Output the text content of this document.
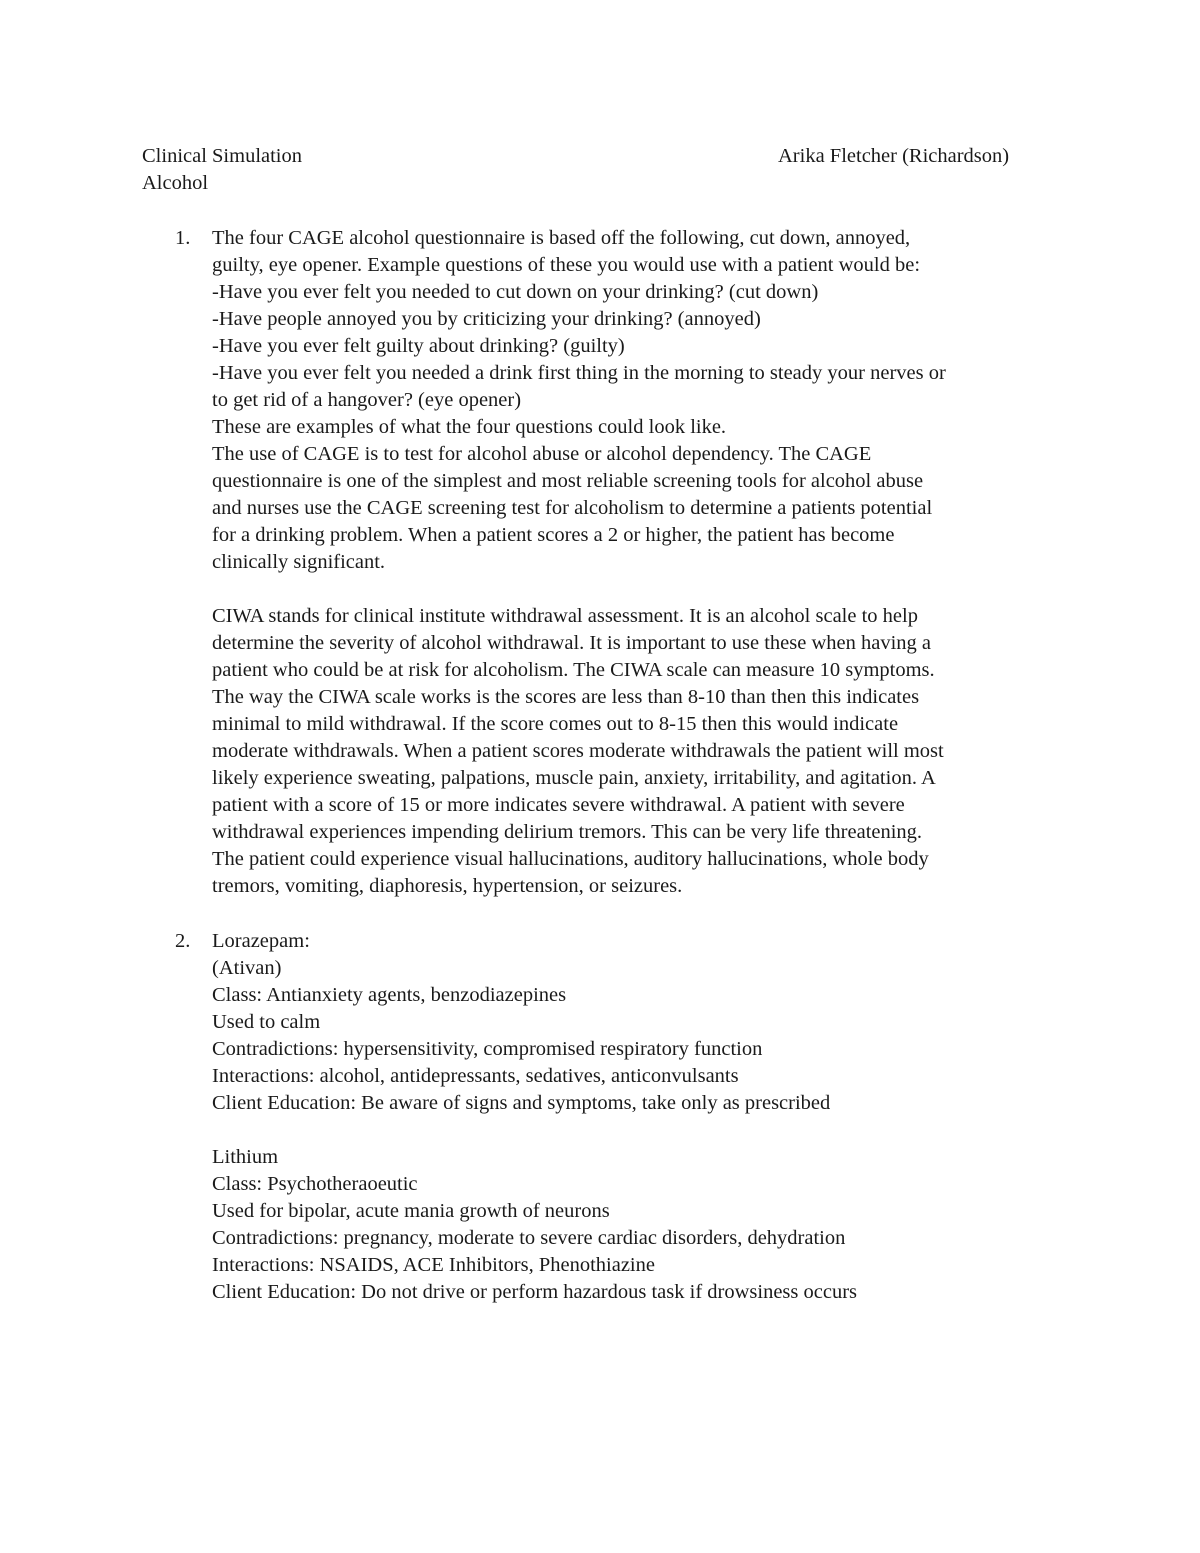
Clinical Simulation	Arika Fletcher (Richardson)
Alcohol
1. The four CAGE alcohol questionnaire is based off the following, cut down, annoyed,
guilty, eye opener. Example questions of these you would use with a patient would be:
-Have you ever felt you needed to cut down on your drinking? (cut down)
-Have people annoyed you by criticizing your drinking? (annoyed)
-Have you ever felt guilty about drinking? (guilty)
-Have you ever felt you needed a drink first thing in the morning to steady your nerves or
to get rid of a hangover? (eye opener)
These are examples of what the four questions could look like.
The use of CAGE is to test for alcohol abuse or alcohol dependency. The CAGE
questionnaire is one of the simplest and most reliable screening tools for alcohol abuse
and nurses use the CAGE screening test for alcoholism to determine a patients potential
for a drinking problem. When a patient scores a 2 or higher, the patient has become
clinically significant.
CIWA stands for clinical institute withdrawal assessment. It is an alcohol scale to help
determine the severity of alcohol withdrawal. It is important to use these when having a
patient who could be at risk for alcoholism. The CIWA scale can measure 10 symptoms.
The way the CIWA scale works is the scores are less than 8-10 than then this indicates
minimal to mild withdrawal. If the score comes out to 8-15 then this would indicate
moderate withdrawals. When a patient scores moderate withdrawals the patient will most
likely experience sweating, palpations, muscle pain, anxiety, irritability, and agitation. A
patient with a score of 15 or more indicates severe withdrawal. A patient with severe
withdrawal experiences impending delirium tremors. This can be very life threatening.
The patient could experience visual hallucinations, auditory hallucinations, whole body
tremors, vomiting, diaphoresis, hypertension, or seizures.
2. Lorazepam:
(Ativan)
Class: Antianxiety agents, benzodiazepines
Used to calm
Contradictions: hypersensitivity, compromised respiratory function
Interactions: alcohol, antidepressants, sedatives, anticonvulsants
Client Education: Be aware of signs and symptoms, take only as prescribed
Lithium
Class: Psychotheraoeutic
Used for bipolar, acute mania growth of neurons
Contradictions: pregnancy, moderate to severe cardiac disorders, dehydration
Interactions: NSAIDS, ACE Inhibitors, Phenothiazine
Client Education: Do not drive or perform hazardous task if drowsiness occurs
